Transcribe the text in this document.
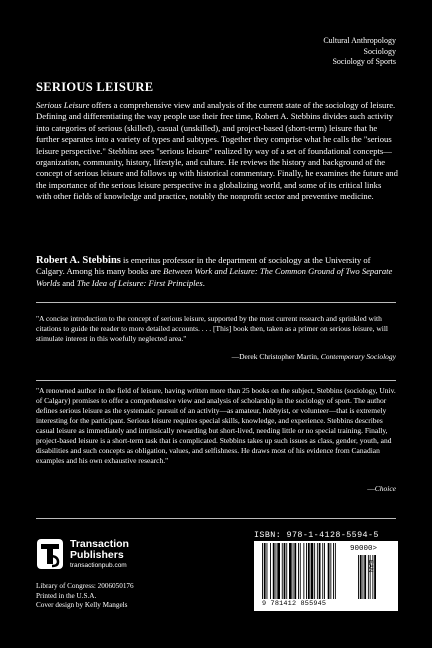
Cultural Anthropology
Sociology
Sociology of Sports
SERIOUS LEISURE

Serious Leisure offers a comprehensive view and analysis of the current state of the sociology of leisure. Defining and differentiating the way people use their free time, Robert A. Stebbins divides such activity into categories of serious (skilled), casual (unskilled), and project-based (short-term) leisure that he further separates into a variety of types and subtypes. Together they comprise what he calls the "serious leisure perspective." Stebbins sees "serious leisure" realized by way of a set of foundational concepts—organization, community, history, lifestyle, and culture. He reviews the history and background of the concept of serious leisure and follows up with historical commentary. Finally, he examines the future and the importance of the serious leisure perspective in a globalizing world, and some of its critical links with other fields of knowledge and practice, notably the nonprofit sector and preventive medicine.

Robert A. Stebbins is emeritus professor in the department of sociology at the University of Calgary. Among his many books are Between Work and Leisure: The Common Ground of Two Separate Worlds and The Idea of Leisure: First Principles.

"A concise introduction to the concept of serious leisure, supported by the most current research and sprinkled with citations to guide the reader to more detailed accounts. . . . [This] book then, taken as a primer on serious leisure, will stimulate interest in this woefully neglected area."

—Derek Christopher Martin, Contemporary Sociology

"A renowned author in the field of leisure, having written more than 25 books on the subject, Stebbins (sociology, Univ. of Calgary) promises to offer a comprehensive view and analysis of scholarship in the sociology of sport. The author defines serious leisure as the systematic pursuit of an activity—as amateur, hobbyist, or volunteer—that is extremely interesting for the participant. Serious leisure requires special skills, knowledge, and experience. Stebbins describes casual leisure as immediately and intrinsically rewarding but short-lived, needing little or no special training. Finally, project-based leisure is a short-term task that is complicated. Stebbins takes up such issues as class, gender, youth, and disabilities and such concepts as obligation, values, and selfishness. He draws most of his evidence from Canadian examples and his own exhaustive research."

—Choice
Transaction
Publishers
transactionpub.com
Library of Congress: 2006050176
Printed in the U.S.A.
Cover design by Kelly Mangels
ISBN: 978-1-4128-5594-5
90000>
EAN
9 781412 855945
